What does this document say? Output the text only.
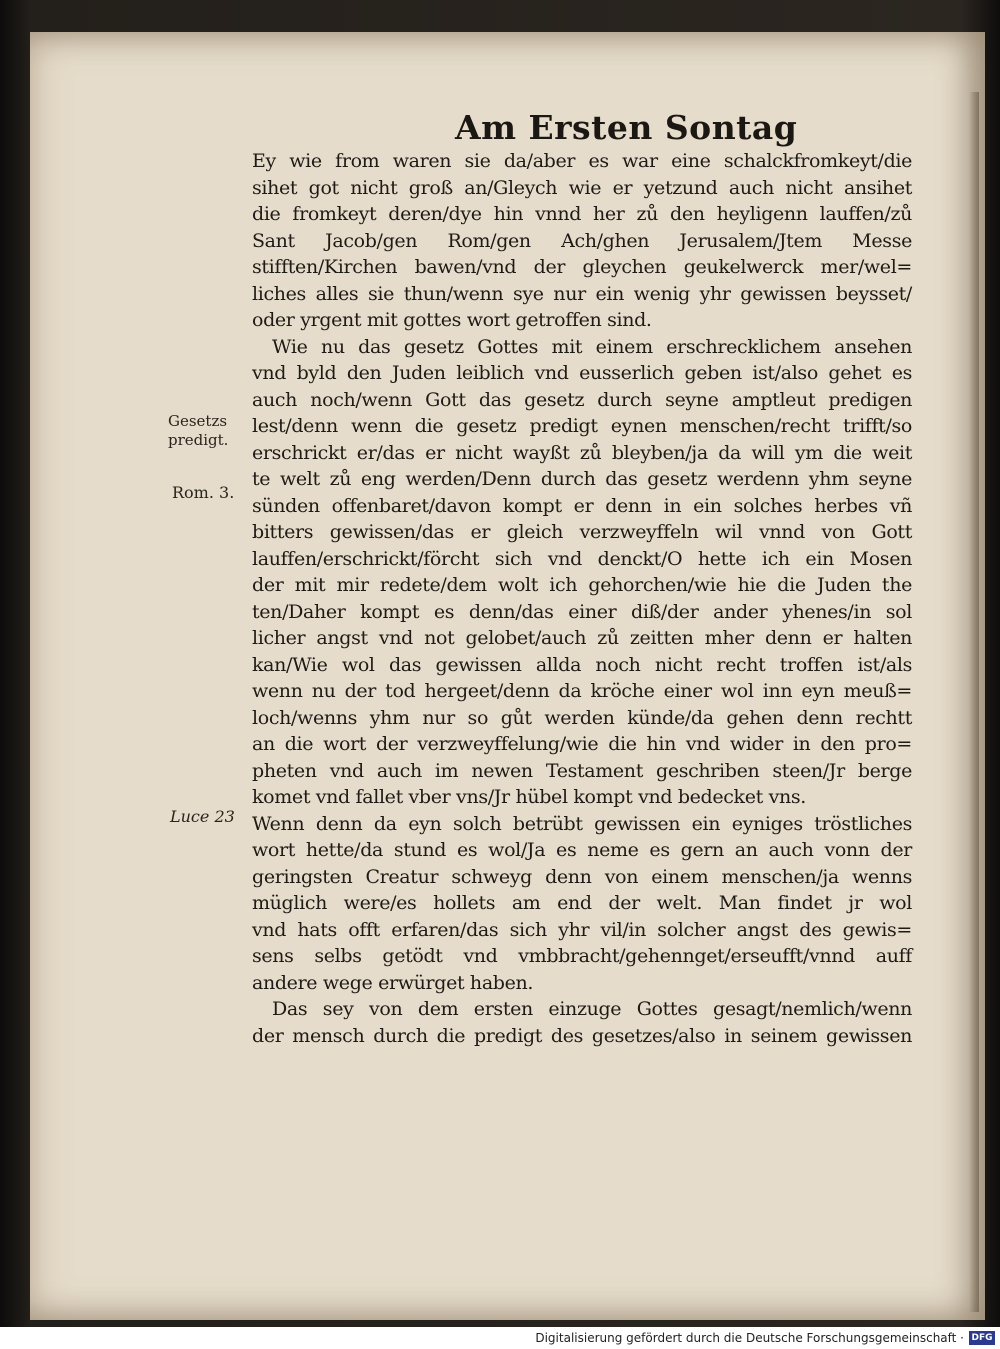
Am Ersten Sontag
Gesetzs predigt.
Rom. 3.
Luce 23
Ey wie from waren sie da/aber es war eine schalckfromkeyt/die
sihet got nicht groß an/Gleych wie er yetzund auch nicht ansihet
die fromkeyt deren/dye hin vnnd her zů den heyligenn lauffen/zů
Sant Jacob/gen Rom/gen Ach/ghen Jerusalem/Jtem Messe
stifften/Kirchen bawen/vnd der gleychen geukelwerck mer/wel=
liches alles sie thun/wenn sye nur ein wenig yhr gewissen beysset/
oder yrgent mit gottes wort getroffen sind.
Wie nu das gesetz Gottes mit einem erschrecklichem ansehen
vnd byld den Juden leiblich vnd eusserlich geben ist/also gehet es
auch noch/wenn Gott das gesetz durch seyne amptleut predigen
lest/denn wenn die gesetz predigt eynen menschen/recht trifft/so
erschrickt er/das er nicht wayßt zů bleyben/ja da will ym die weit
te welt zů eng werden/Denn durch das gesetz werdenn yhm seyne
sünden offenbaret/davon kompt er denn in ein solches herbes vñ
bitters gewissen/das er gleich verzweyffeln wil vnnd von Gott
lauffen/erschrickt/förcht sich vnd denckt/O hette ich ein Mosen
der mit mir redete/dem wolt ich gehorchen/wie hie die Juden the
ten/Daher kompt es denn/das einer diß/der ander yhenes/in sol
licher angst vnd not gelobet/auch zů zeitten mher denn er halten
kan/Wie wol das gewissen allda noch nicht recht troffen ist/als
wenn nu der tod hergeet/denn da kröche einer wol inn eyn meuß=
loch/wenns yhm nur so gůt werden künde/da gehen denn rechtt
an die wort der verzweyffelung/wie die hin vnd wider in den pro=
pheten vnd auch im newen Testament geschriben steen/Jr berge
komet vnd fallet vber vns/Jr hübel kompt vnd bedecket vns.
Wenn denn da eyn solch betrübt gewissen ein eyniges tröstliches
wort hette/da stund es wol/Ja es neme es gern an auch vonn der
geringsten Creatur schweyg denn von einem menschen/ja wenns
müglich were/es hollets am end der welt. Man findet jr wol
vnd hats offt erfaren/das sich yhr vil/in solcher angst des gewis=
sens selbs getödt vnd vmbbracht/gehennget/erseufft/vnnd auff
andere wege erwürget haben.
Das sey von dem ersten einzuge Gottes gesagt/nemlich/wenn
der mensch durch die predigt des gesetzes/also in seinem gewissen
Digitalisierung gefördert durch die Deutsche Forschungsgemeinschaft · DFG
